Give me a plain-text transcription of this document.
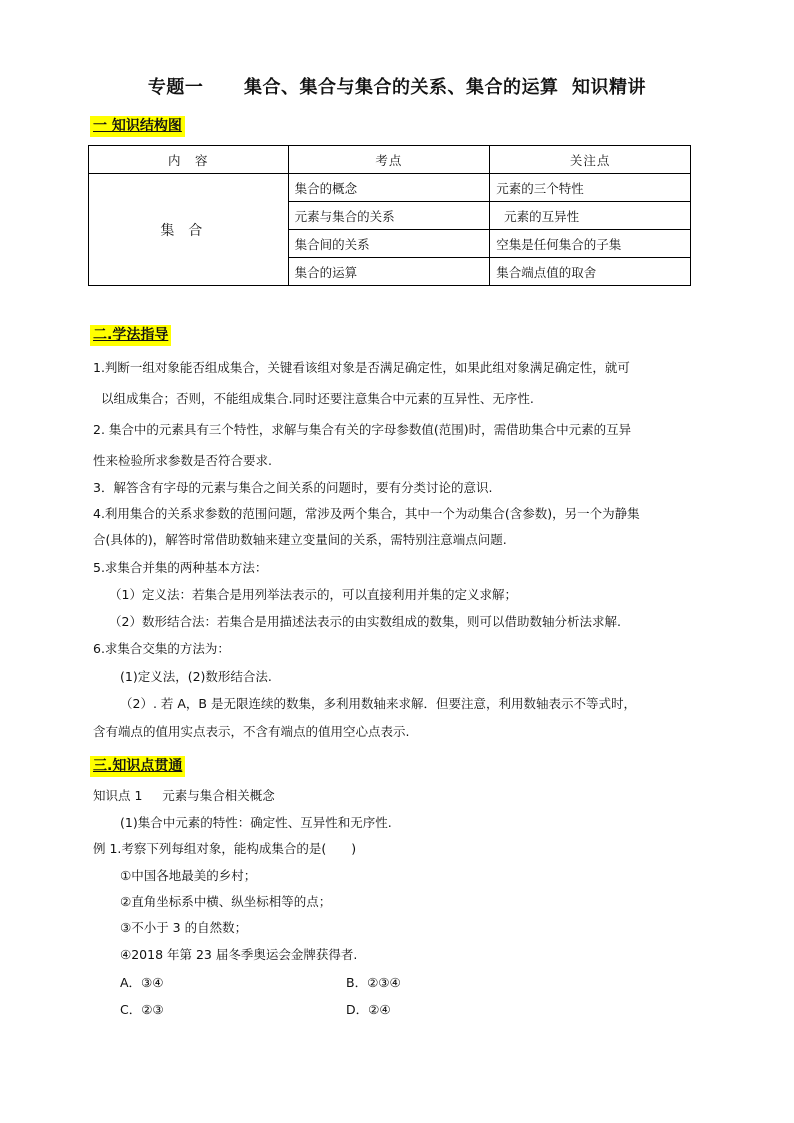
专题一      集合、集合与集合的关系、集合的运算  知识精讲
一 知识结构图
内　容	考点	关注点
集合	集合的概念	元素的三个特性
	元素与集合的关系	元素的互异性
	集合间的关系	空集是任何集合的子集
	集合的运算	集合端点值的取舍
二.学法指导
1.判断一组对象能否组成集合，关键看该组对象是否满足确定性，如果此组对象满足确定性，就可
以组成集合；否则，不能组成集合.同时还要注意集合中元素的互异性、无序性.
2. 集合中的元素具有三个特性，求解与集合有关的字母参数值(范围)时，需借助集合中元素的互异
性来检验所求参数是否符合要求.
3．解答含有字母的元素与集合之间关系的问题时，要有分类讨论的意识.
4.利用集合的关系求参数的范围问题，常涉及两个集合，其中一个为动集合(含参数)，另一个为静集
合(具体的)，解答时常借助数轴来建立变量间的关系，需特别注意端点问题.
5.求集合并集的两种基本方法：
（1）定义法：若集合是用列举法表示的，可以直接利用并集的定义求解；
（2）数形结合法：若集合是用描述法表示的由实数组成的数集，则可以借助数轴分析法求解.
6.求集合交集的方法为：
(1)定义法，(2)数形结合法.
（2）. 若 A，B 是无限连续的数集，多利用数轴来求解．但要注意，利用数轴表示不等式时，
含有端点的值用实点表示，不含有端点的值用空心点表示.
三.知识点贯通
知识点 1     元素与集合相关概念
(1)集合中元素的特性：确定性、互异性和无序性.
例 1.考察下列每组对象，能构成集合的是(　　)
①中国各地最美的乡村；
②直角坐标系中横、纵坐标相等的点；
③不小于 3 的自然数；
④2018 年第 23 届冬季奥运会金牌获得者.
A．③④	B．②③④
C．②③	D．②④
